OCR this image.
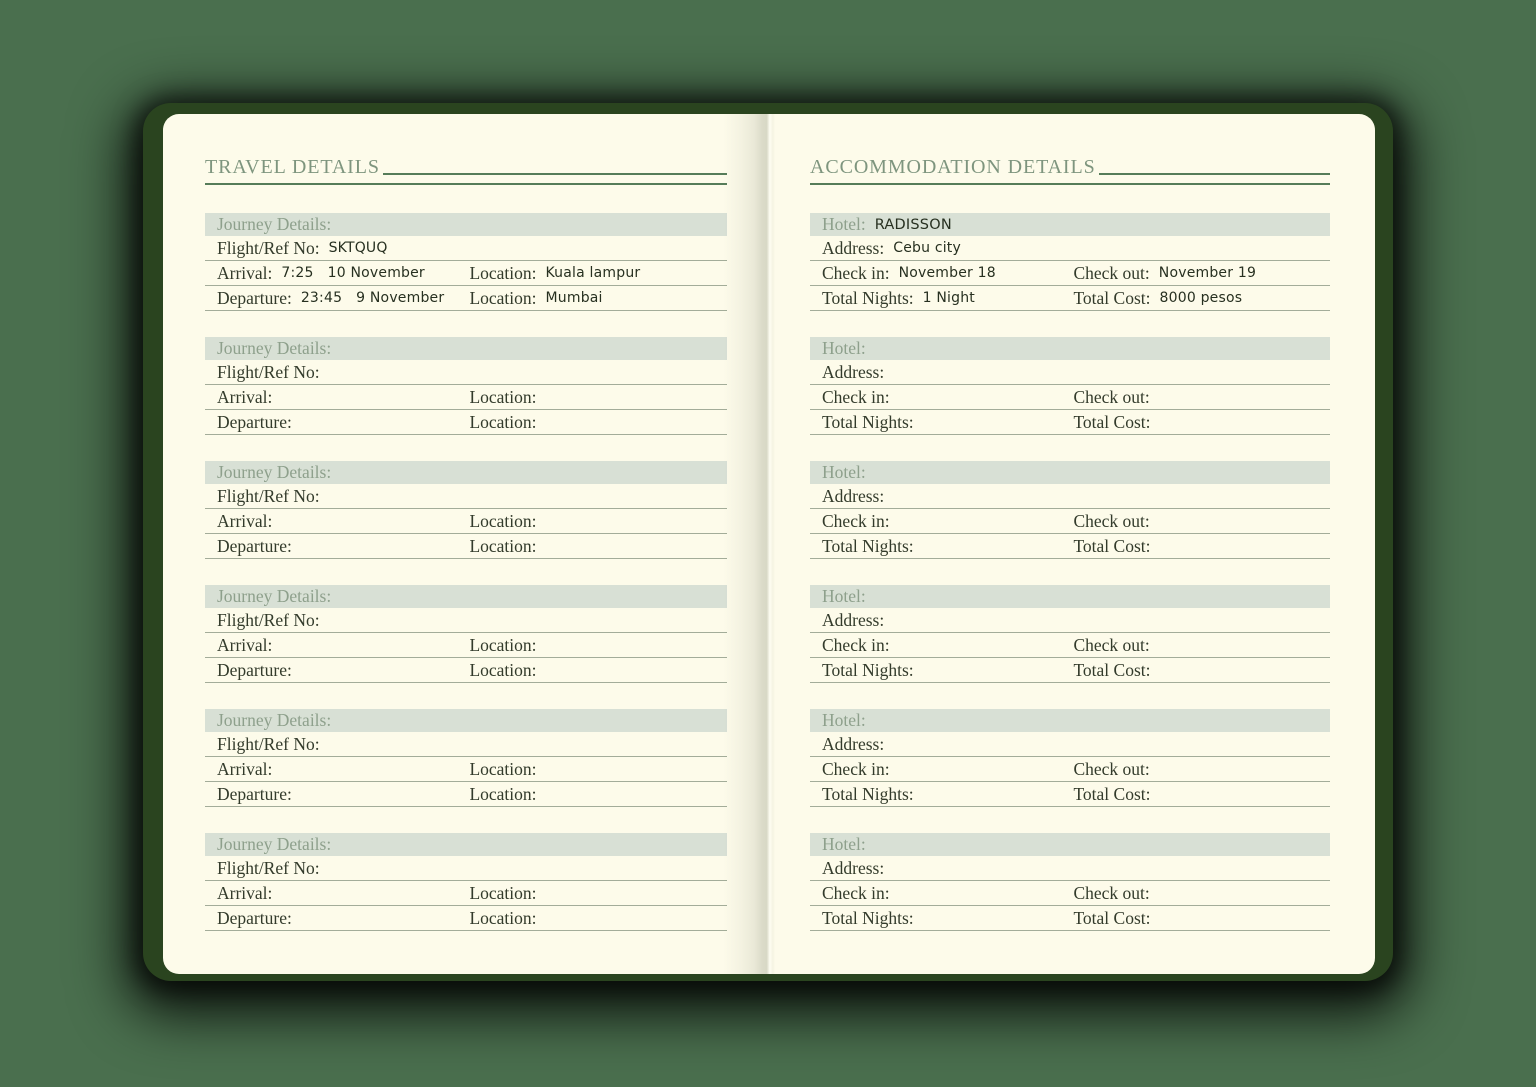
TRAVEL DETAILS
Journey Details:
Flight/Ref No: SKTQUQ
Arrival: 7:25   10 November	Location: Kuala lampur
Departure: 23:45   9 November Location: Mumbai
Journey Details:
Flight/Ref No:
Arrival:	Location:
Departure:	Location:
Journey Details:
Flight/Ref No:
Arrival:	Location:
Departure:	Location:
Journey Details:
Flight/Ref No:
Arrival:	Location:
Departure:	Location:
Journey Details:
Flight/Ref No:
Arrival:	Location:
Departure:	Location:
Journey Details:
Flight/Ref No:
Arrival:	Location:
Departure:	Location:
ACCOMMODATION DETAILS
Hotel: RADISSON
Address: Cebu city
Check in: November 18	Check out: November 19
Total Nights: 1 Night	Total Cost: 8000 pesos
Hotel:
Address:
Check in:	Check out:
Total Nights:	Total Cost:
Hotel:
Address:
Check in:	Check out:
Total Nights:	Total Cost:
Hotel:
Address:
Check in:	Check out:
Total Nights:	Total Cost:
Hotel:
Address:
Check in:	Check out:
Total Nights:	Total Cost:
Hotel:
Address:
Check in:	Check out:
Total Nights:	Total Cost:
